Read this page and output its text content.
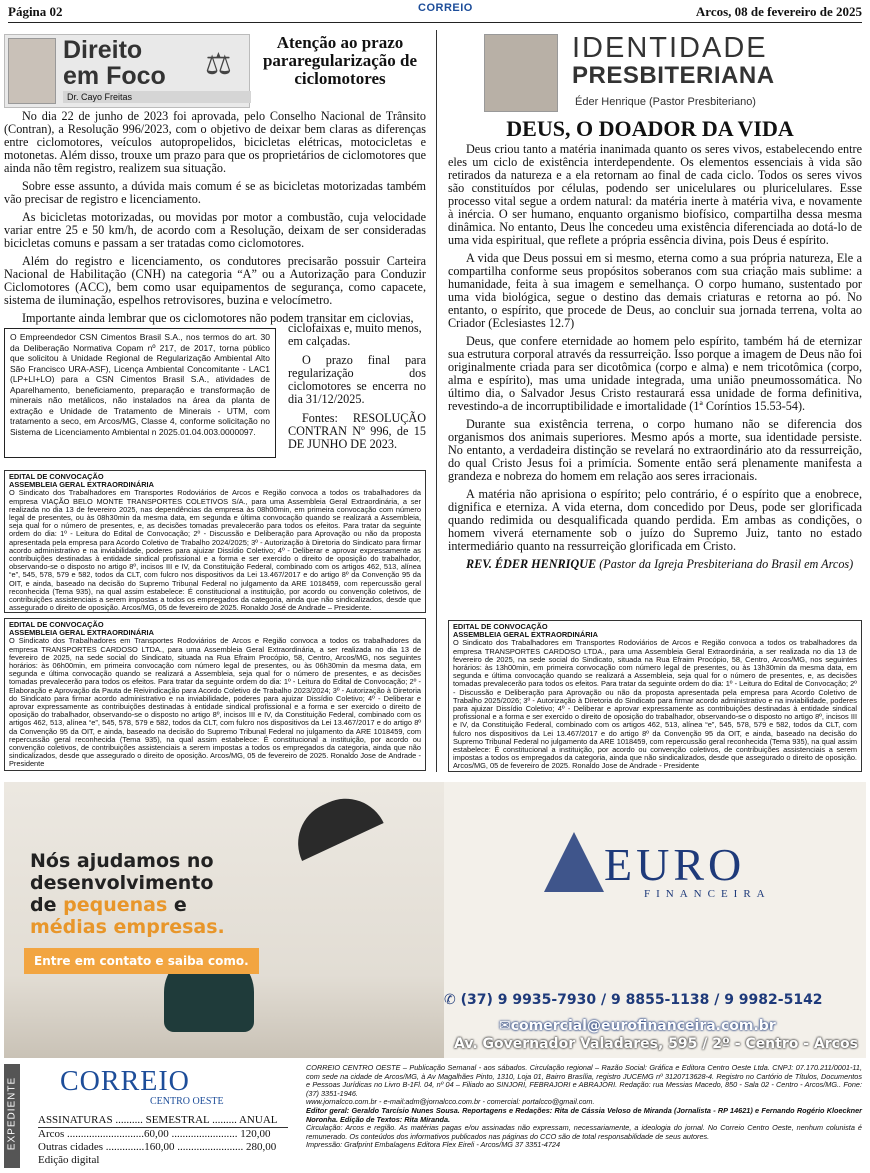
Página 02	CORREIO	Arcos, 08 de fevereiro de 2025
Direito
em Foco	⚖
Dr. Cayo Freitas
Atenção ao prazo pararegularização de ciclomotores

No dia 22 de junho de 2023 foi aprovada, pelo Conselho Nacional de Trânsito (Contran), a Resolução 996/2023, com o objetivo de deixar bem claras as diferenças entre ciclomotores, veículos autopropelidos, bicicletas elétricas, motocicletas e motonetas. Além disso, trouxe um prazo para que os proprietários de ciclomotores que ainda não têm registro, realizem sua situação.

Sobre esse assunto, a dúvida mais comum é se as bicicletas motorizadas também vão precisar de registro e licenciamento.

As bicicletas motorizadas, ou movidas por motor a combustão, cuja velocidade variar entre 25 e 50 km/h, de acordo com a Resolução, deixam de ser consideradas bicicletas comuns e passam a ser tratadas como ciclomotores.

Além do registro e licenciamento, os condutores precisarão possuir Carteira Nacional de Habilitação (CNH) na categoria “A” ou a Autorização para Conduzir Ciclomotores (ACC), bem como usar equipamentos de segurança, como capacete, sistema de iluminação, espelhos retrovisores, buzina e velocímetro.

Importante ainda lembrar que os ciclomotores não podem transitar em ciclovias,

O Empreendedor CSN Cimentos Brasil S.A., nos termos do art. 30 da Deliberação Normativa Copam nº 217, de 2017, torna público que solicitou à Unidade Regional de Regularização Ambiental Alto São Francisco URA-ASF), Licença Ambiental Concomitante - LAC1 (LP+LI+LO) para a CSN Cimentos Brasil S.A., atividades de Aparelhamento, beneficiamento, preparação e transformação de minerais não metálicos, não instalados na área da planta de extração e Unidade de Tratamento de Minerais - UTM, com tratamento a seco, em Arcos/MG, Classe 4, conforme solicitação no Sistema de Licenciamento Ambiental n 2025.01.04.003.0000097.
ciclofaixas e, muito menos, em calçadas.
O prazo final para regularização dos ciclomotores se encerra no dia 31/12/2025.
Fontes: RESOLUÇÃO CONTRAN Nº 996, de 15 DE JUNHO DE 2023.
EDITAL DE CONVOCAÇÃO
ASSEMBLEIA GERAL EXTRAORDINÁRIA
O Sindicato dos Trabalhadores em Transportes Rodoviários de Arcos e Região convoca a todos os trabalhadores da empresa VIAÇÃO BELO MONTE TRANSPORTES COLETIVOS S/A., para uma Assembleia Geral Extraordinária, a ser realizada no dia 13 de fevereiro 2025, nas dependências da empresa às 08h00min, em primeira convocação com número legal de presentes, ou às 08h30min da mesma data, em segunda e última convocação quando se realizará a Assembleia, seja qual for o número de presentes, e, as decisões tomadas prevalecerão para todos os efeitos. Para tratar da seguinte ordem do dia: 1º - Leitura do Edital de Convocação; 2º - Discussão e Deliberação para Aprovação ou não da proposta apresentada pela empresa para Acordo Coletivo de Trabalho 2024/2025; 3º - Autorização à Diretoria do Sindicato para firmar acordo administrativo e na inviabilidade, poderes para ajuizar Dissídio Coletivo; 4º - Deliberar e aprovar expressamente as contribuições destinadas à entidade sindical profissional e a forma e ser exercido o direito de oposição do trabalhador, observando-se o disposto no artigo 8º, incisos III e IV, da Constituição Federal, combinado com os artigos 462, 513, alínea “e”, 545, 578, 579 e 582, todos da CLT, com fulcro nos dispositivos da Lei 13.467/2017 e do artigo 8º da Convenção 95 da OIT, e ainda, baseado na decisão do Supremo Tribunal Federal no julgamento da ARE 1018459, com repercussão geral reconhecida (Tema 935), na qual assim estabelece: É constitucional a instituição, por acordo ou convenção coletivos, de contribuições assistenciais a serem impostas a todos os empregados da categoria, ainda que não sindicalizados, desde que assegurado o direito de oposição. Arcos/MG, 05 de fevereiro de 2025. Ronaldo José de Andrade – Presidente.
EDITAL DE CONVOCAÇÃO
ASSEMBLEIA GERAL EXTRAORDINÁRIA
O Sindicato dos Trabalhadores em Transportes Rodoviários de Arcos e Região convoca a todos os trabalhadores da empresa TRANSPORTES CARDOSO LTDA., para uma Assembleia Geral Extraordinária, a ser realizada no dia 13 de fevereiro de 2025, na sede social do Sindicato, situada na Rua Efraim Procópio, 58, Centro, Arcos/MG, nos seguintes horários: às 06h00min, em primeira convocação com número legal de presentes, ou às 06h30min da mesma data, em segunda e última convocação quando se realizará a Assembleia, seja qual for o número de presentes, e as decisões tomadas prevalecerão para todos os efeitos. Para tratar da seguinte ordem do dia: 1º - Leitura do Edital de Convocação; 2º - Elaboração e Aprovação da Pauta de Reivindicação para Acordo Coletivo de Trabalho 2023/2024; 3º - Autorização à Diretoria do Sindicato para firmar acordo administrativo e na inviabilidade, poderes para ajuizar Dissídio Coletivo; 4º - Deliberar e aprovar expressamente as contribuições destinadas à entidade sindical profissional e a forma e ser exercido o direito de oposição do trabalhador, observando-se o disposto no artigo 8º, incisos III e IV, da Constituição Federal, combinado com os artigos 462, 513, alínea “e”, 545, 578, 579 e 582, todos da CLT, com fulcro nos dispositivos da Lei 13.467/2017 e do artigo 8º da Convenção 95 da OIT, e ainda, baseado na decisão do Supremo Tribunal Federal no julgamento da ARE 1018459, com repercussão geral reconhecida (Tema 935), na qual assim estabelece: É constitucional a instituição, por acordo ou convenção coletivos, de contribuições assistenciais a serem impostas a todos os empregados da categoria, ainda que não sindicalizados, desde que assegurado o direito de oposição. Arcos/MG, 05 de fevereiro de 2025. Ronaldo Jose de Andrade - Presidente
IDENTIDADE
PRESBITERIANA
Éder Henrique (Pastor Presbiteriano)
DEUS, O DOADOR DA VIDA

Deus criou tanto a matéria inanimada quanto os seres vivos, estabelecendo entre eles um ciclo de existência interdependente. Os elementos essenciais à vida são retirados da natureza e a ela retornam ao final de cada ciclo. Todos os seres vivos são constituídos por células, podendo ser unicelulares ou pluricelulares. Esse processo vital segue a ordem natural: da matéria inerte à matéria viva, e novamente à inércia. O ser humano, enquanto organismo biofísico, compartilha dessa mesma dinâmica. No entanto, Deus lhe concedeu uma existência diferenciada ao dotá-lo de uma vida espiritual, que reflete a própria essência divina, pois Deus é espírito.

A vida que Deus possui em si mesmo, eterna como a sua própria natureza, Ele a compartilha conforme seus propósitos soberanos com sua criação mais sublime: a humanidade, feita à sua imagem e semelhança. O corpo humano, sustentado por uma vida biológica, segue o destino das demais criaturas e retorna ao pó. No entanto, o espírito, que procede de Deus, ao concluir sua jornada terrena, volta ao Criador (Eclesiastes 12.7)

Deus, que confere eternidade ao homem pelo espírito, também há de eternizar sua estrutura corporal através da ressurreição. Isso porque a imagem de Deus não foi originalmente criada para ser dicotômica (corpo e alma) e nem tricotômica (corpo, alma e espírito), mas uma unidade integrada, uma união pneumossomática. No último dia, o Salvador Jesus Cristo restaurará essa unidade de forma definitiva, revestindo-a de incorruptibilidade e imortalidade (1ª Coríntios 15.53-54).

Durante sua existência terrena, o corpo humano não se diferencia dos organismos dos animais superiores. Mesmo após a morte, sua identidade persiste. No entanto, a verdadeira distinção se revelará no extraordinário ato da ressurreição, do qual Cristo Jesus foi a primícia. Somente então será plenamente manifesta a grandeza e nobreza do homem em relação aos seres irracionais.

A matéria não aprisiona o espírito; pelo contrário, é o espírito que a enobrece, dignifica e eterniza. A vida eterna, dom concedido por Deus, pode ser glorificada quando redimida ou desqualificada quando perdida. Em ambas as condições, o homem viverá eternamente sob o juízo do Supremo Juiz, tanto no estado intermediário quanto na ressurreição glorificada em Cristo.

REV. ÉDER HENRIQUE (Pastor da Igreja Presbiteriana do Brasil em Arcos)

EDITAL DE CONVOCAÇÃO
ASSEMBLEIA GERAL EXTRAORDINÁRIA
O Sindicato dos Trabalhadores em Transportes Rodoviários de Arcos e Região convoca a todos os trabalhadores da empresa TRANSPORTES CARDOSO LTDA., para uma Assembleia Geral Extraordinária, a ser realizada no dia 13 de fevereiro de 2025, na sede social do Sindicato, situada na Rua Efraim Procópio, 58, Centro, Arcos/MG, nos seguintes horários: às 13h00min, em primeira convocação com número legal de presentes, ou às 13h30min da mesma data, em segunda e última convocação quando se realizará a Assembleia, seja qual for o número de presentes, e, as decisões tomadas prevalecerão para todos os efeitos. Para tratar da seguinte ordem do dia: 1º - Leitura do Edital de Convocação; 2º - Discussão e Deliberação para Aprovação ou não da proposta apresentada pela empresa para Acordo Coletivo de Trabalho 2025/2026; 3º - Autorização à Diretoria do Sindicato para firmar acordo administrativo e na inviabilidade, poderes para ajuizar Dissídio Coletivo; 4º - Deliberar e aprovar expressamente as contribuições destinadas à entidade sindical profissional e a forma e ser exercido o direito de oposição do trabalhador, observando-se o disposto no artigo 8º, incisos III e IV, da Constituição Federal, combinado com os artigos 462, 513, alínea “e”, 545, 578, 579 e 582, todos da CLT, com fulcro nos dispositivos da Lei 13.467/2017 e do artigo 8º da Convenção 95 da OIT, e ainda, baseado na decisão do Supremo Tribunal Federal no julgamento da ARE 1018459, com repercussão geral reconhecida (Tema 935), na qual assim estabelece: É constitucional a instituição, por acordo ou convenção coletivos, de contribuições assistenciais a serem impostas a todos os empregados da categoria, ainda que não sindicalizados, desde que assegurado o direito de oposição. Arcos/MG, 05 de fevereiro de 2025. Ronaldo Jose de Andrade - Presidente
Nós ajudamos no
desenvolvimento
de pequenas e
médias empresas.
Entre em contato e saiba como.
EURO
FINANCEIRA
✆ (37) 9 9935-7930 / 9 8855-1138 / 9 9982-5142
✉comercial@eurofinanceira.com.br
Av. Governador Valadares, 595 / 2º - Centro - Arcos
EXPEDIENTE CORREIO
CENTRO OESTE
ASSINATURAS .......... SEMESTRAL ......... ANUAL
Arcos ............................60,00 ........................ 120,00
Outras cidades ..............160,00 ........................ 280,00
Edição digital
CORREIO CENTRO OESTE – Publicação Semanal - aos sábados. Circulação regional – Razão Social: Gráfica e Editora Centro Oeste Ltda. CNPJ: 07.170.211/0001-11, com sede na cidade de Arcos/MG, à Av Magalhães Pinto, 1310, Loja 01, Bairro Brasília, registro JUCEMG nº 3120713628-4. Registro no Cartório de Títulos, Documentos e Pessoas Jurídicas no Livro B-1Fl. 04, nº 04 – Filiado ao SINJORI, FEBRAJORI e ABRAJORI. Redação: rua Messias Macedo, 850 - Sala 02 - Centro - Arcos/MG.. Fone: (37) 3351-1946.
www.jornalcco.com.br - e-mail:adm@jornalcco.com.br - comercial: portalcco@gmail.com.
Editor geral: Geraldo Tarcísio Nunes Sousa. Reportagens e Redações: Rita de Cássia Veloso de Miranda (Jornalista - RP 14621) e Fernando Rogério Kloeckner Noronha. Edição de Textos: Rita Miranda.
Circulação: Arcos e região. As matérias pagas e/ou assinadas não expressam, necessariamente, a ideologia do jornal. No Correio Centro Oeste, nenhum colunista é remunerado. Os conteúdos dos informativos publicados nas páginas do CCO são de total responsabilidade de seus autores.
Impressão: Grafprint Embalagens Editora Flex Eireli - Arcos/MG 37 3351-4724
